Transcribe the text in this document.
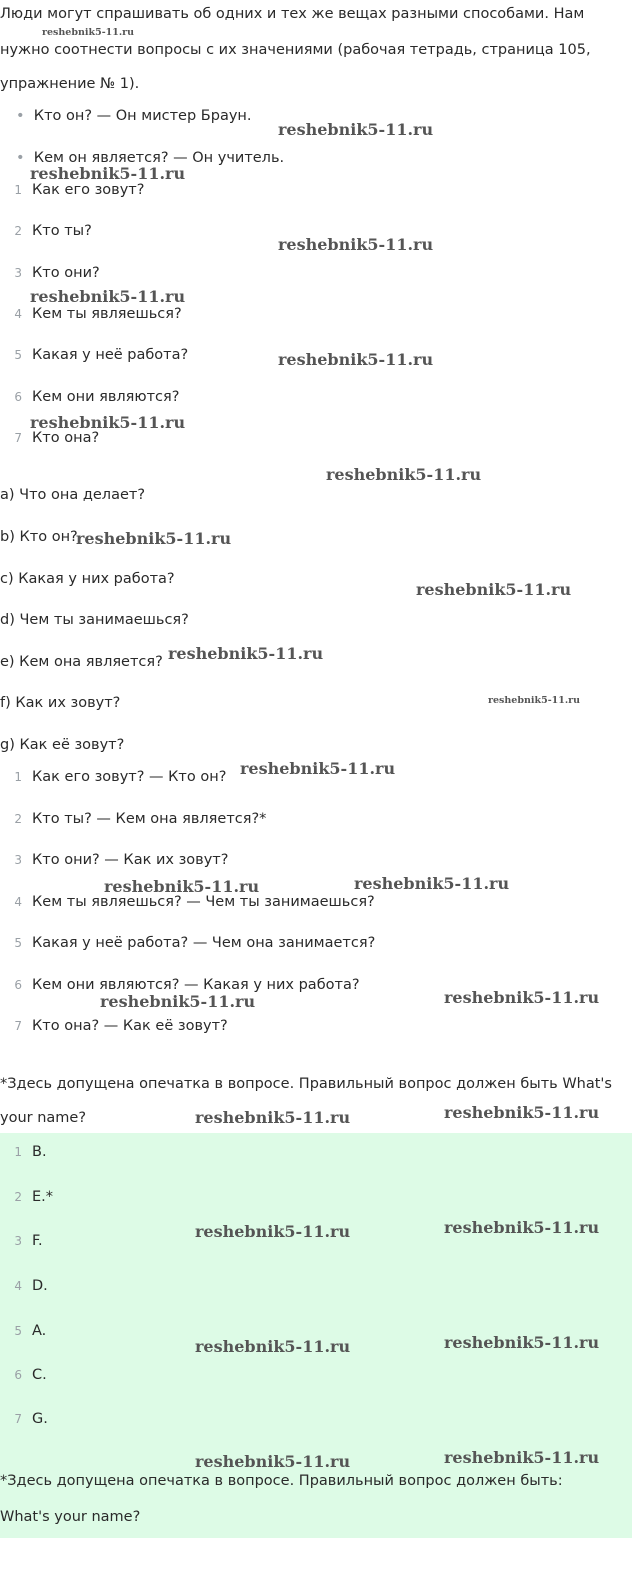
Люди могут спрашивать об одних и тех же вещах разными способами. Нам
нужно соотнести вопросы с их значениями (рабочая тетрадь, страница 105,
упражнение № 1).
• Кто он? — Он мистер Браун.
• Кем он является? — Он учитель.
1 Как его зовут?
2 Кто ты?
3 Кто они?
4 Кем ты являешься?
5 Какая у неё работа?
6 Кем они являются?
7 Кто она?
a) Что она делает?
b) Кто он?
c) Какая у них работа?
d) Чем ты занимаешься?
e) Кем она является?
f) Как их зовут?
g) Как её зовут?
1 Как его зовут? — Кто он?
2 Кто ты? — Кем она является?*
3 Кто они? — Как их зовут?
4 Кем ты являешься? — Чем ты занимаешься?
5 Какая у неё работа? — Чем она занимается?
6 Кем они являются? — Какая у них работа?
7 Кто она? — Как её зовут?
*Здесь допущена опечатка в вопросе. Правильный вопрос должен быть What's
your name?
1 B.
2 E.*
3 F.
4 D.
5 A.
6 C.
7 G.
*Здесь допущена опечатка в вопросе. Правильный вопрос должен быть:
What's your name?
reshebnik5-11.ru
reshebnik5-11.ru
reshebnik5-11.ru
reshebnik5-11.ru
reshebnik5-11.ru
reshebnik5-11.ru
reshebnik5-11.ru
reshebnik5-11.ru
reshebnik5-11.ru
reshebnik5-11.ru
reshebnik5-11.ru
reshebnik5-11.ru
reshebnik5-11.ru
reshebnik5-11.ru	reshebnik5-11.ru
reshebnik5-11.ru	reshebnik5-11.ru
reshebnik5-11.ru	reshebnik5-11.ru
reshebnik5-11.ru	reshebnik5-11.ru
reshebnik5-11.ru	reshebnik5-11.ru
reshebnik5-11.ru	reshebnik5-11.ru
